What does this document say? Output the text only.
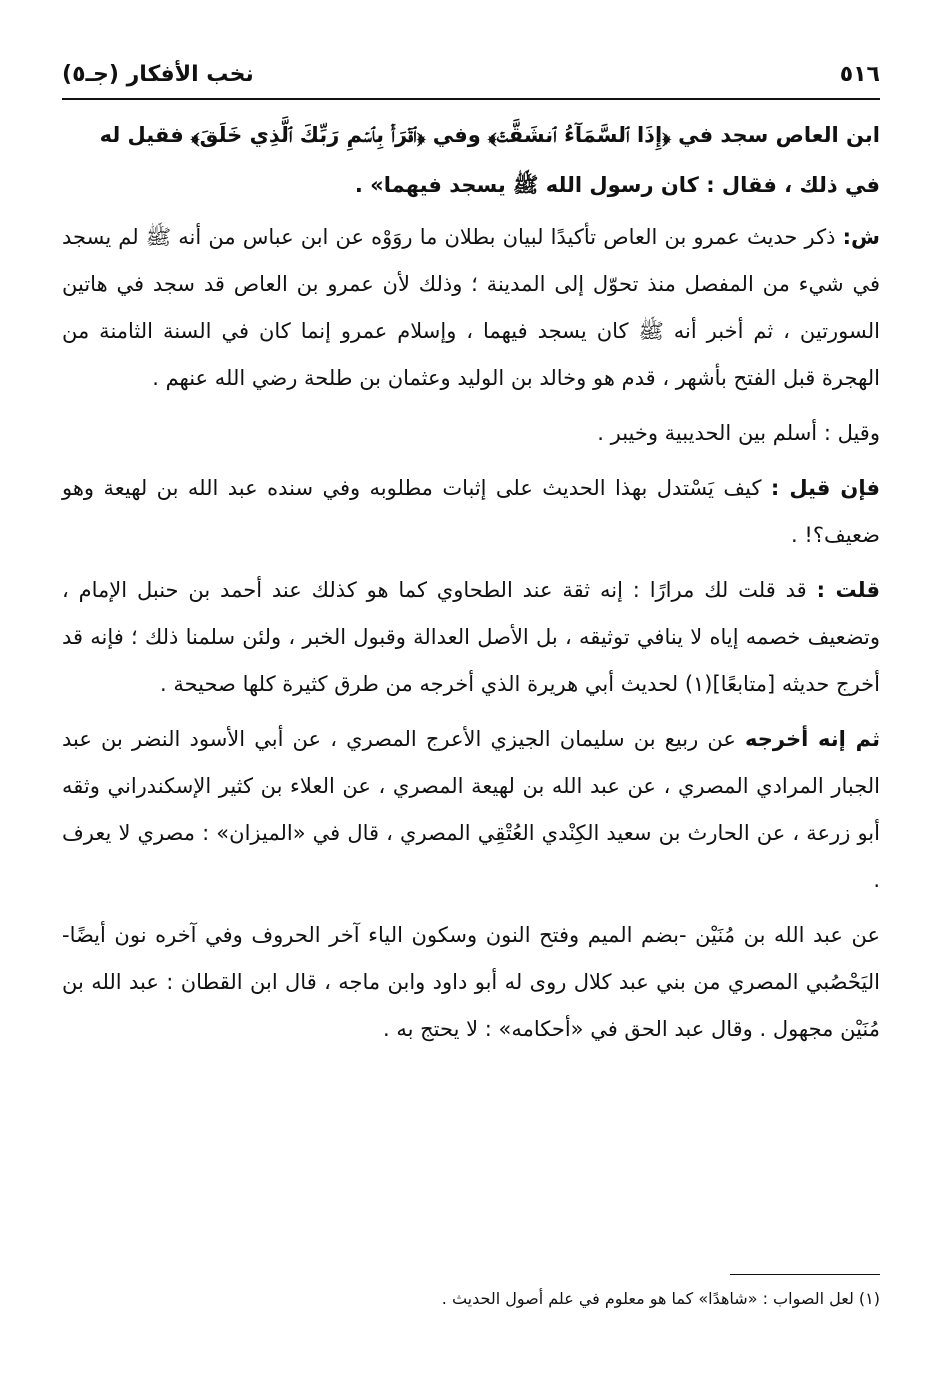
٥١٦
نخب الأفكار (جـ٥)

ابن العاص سجد في ﴿إِذَا ٱلسَّمَآءُ ٱنشَقَّتۡ﴾ وفي ﴿ٱقۡرَأۡ بِٱسۡمِ رَبِّكَ ٱلَّذِي خَلَقَ﴾ فقيل له في ذلك ، فقال : كان رسول الله ﷺ يسجد فيهما» .

ش: ذكر حديث عمرو بن العاص تأكيدًا لبيان بطلان ما روَوْه عن ابن عباس من أنه ﷺ لم يسجد في شيء من المفصل منذ تحوّل إلى المدينة ؛ وذلك لأن عمرو بن العاص قد سجد في هاتين السورتين ، ثم أخبر أنه ﷺ كان يسجد فيهما ، وإسلام عمرو إنما كان في السنة الثامنة من الهجرة قبل الفتح بأشهر ، قدم هو وخالد بن الوليد وعثمان بن طلحة رضي الله عنهم .

وقيل : أسلم بين الحديبية وخيبر .

فإن قيل : كيف يَسْتدل بهذا الحديث على إثبات مطلوبه وفي سنده عبد الله بن لهيعة وهو ضعيف؟! .

قلت : قد قلت لك مرارًا : إنه ثقة عند الطحاوي كما هو كذلك عند أحمد بن حنبل الإمام ، وتضعيف خصمه إياه لا ينافي توثيقه ، بل الأصل العدالة وقبول الخبر ، ولئن سلمنا ذلك ؛ فإنه قد أخرج حديثه [متابعًا](١) لحديث أبي هريرة الذي أخرجه من طرق كثيرة كلها صحيحة .

ثم إنه أخرجه عن ربيع بن سليمان الجيزي الأعرج المصري ، عن أبي الأسود النضر بن عبد الجبار المرادي المصري ، عن عبد الله بن لهيعة المصري ، عن العلاء بن كثير الإسكندراني وثقه أبو زرعة ، عن الحارث بن سعيد الكِنْدي العُتْقِي المصري ، قال في «الميزان» : مصري لا يعرف .

عن عبد الله بن مُنَيْن -بضم الميم وفتح النون وسكون الياء آخر الحروف وفي آخره نون أيضًا- اليَحْصُبي المصري من بني عبد كلال روى له أبو داود وابن ماجه ، قال ابن القطان : عبد الله بن مُنَيْن مجهول . وقال عبد الحق في «أحكامه» : لا يحتج به .

(١) لعل الصواب : «شاهدًا» كما هو معلوم في علم أصول الحديث .
